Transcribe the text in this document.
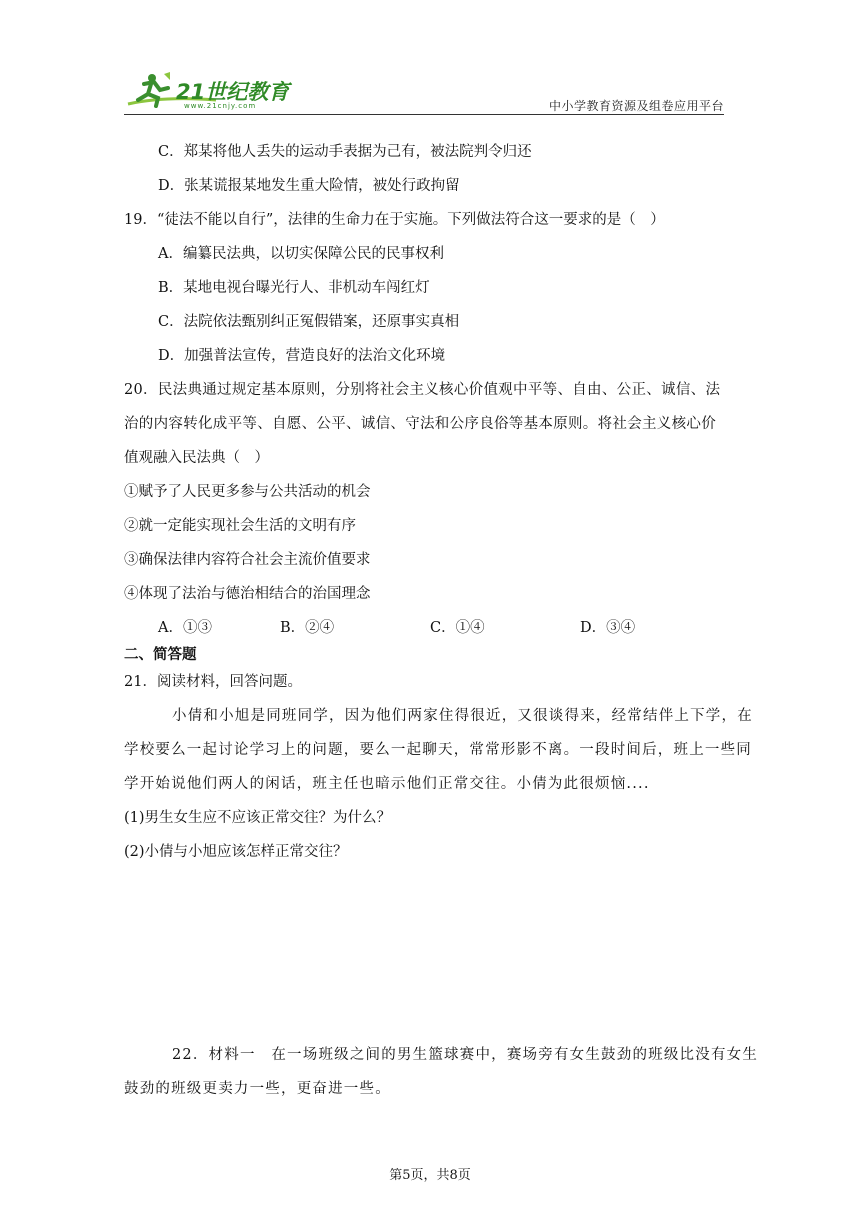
21世纪教育
www.21cnjy.com	中小学教育资源及组卷应用平台
C．郑某将他人丢失的运动手表据为己有，被法院判令归还
D．张某谎报某地发生重大险情，被处行政拘留
19．“徒法不能以自行”，法律的生命力在于实施。下列做法符合这一要求的是（　）
A．编纂民法典，以切实保障公民的民事权利
B．某地电视台曝光行人、非机动车闯红灯
C．法院依法甄别纠正冤假错案，还原事实真相
D．加强普法宣传，营造良好的法治文化环境
20．民法典通过规定基本原则，分别将社会主义核心价值观中平等、自由、公正、诚信、法
治的内容转化成平等、自愿、公平、诚信、守法和公序良俗等基本原则。将社会主义核心价
值观融入民法典（　）
①赋予了人民更多参与公共活动的机会
②就一定能实现社会生活的文明有序
③确保法律内容符合社会主流价值要求
④体现了法治与德治相结合的治国理念
A．①③	B．②④	C．①④	D．③④
二、简答题
21．阅读材料，回答问题。
小倩和小旭是同班同学，因为他们两家住得很近，又很谈得来，经常结伴上下学，在
学校要么一起讨论学习上的问题，要么一起聊天，常常形影不离。一段时间后，班上一些同
学开始说他们两人的闲话，班主任也暗示他们正常交往。小倩为此很烦恼....
(1)男生女生应不应该正常交往？为什么？
(2)小倩与小旭应该怎样正常交往？
22．材料一　在一场班级之间的男生篮球赛中，赛场旁有女生鼓劲的班级比没有女生
鼓劲的班级更卖力一些，更奋进一些。
第5页，共8页
